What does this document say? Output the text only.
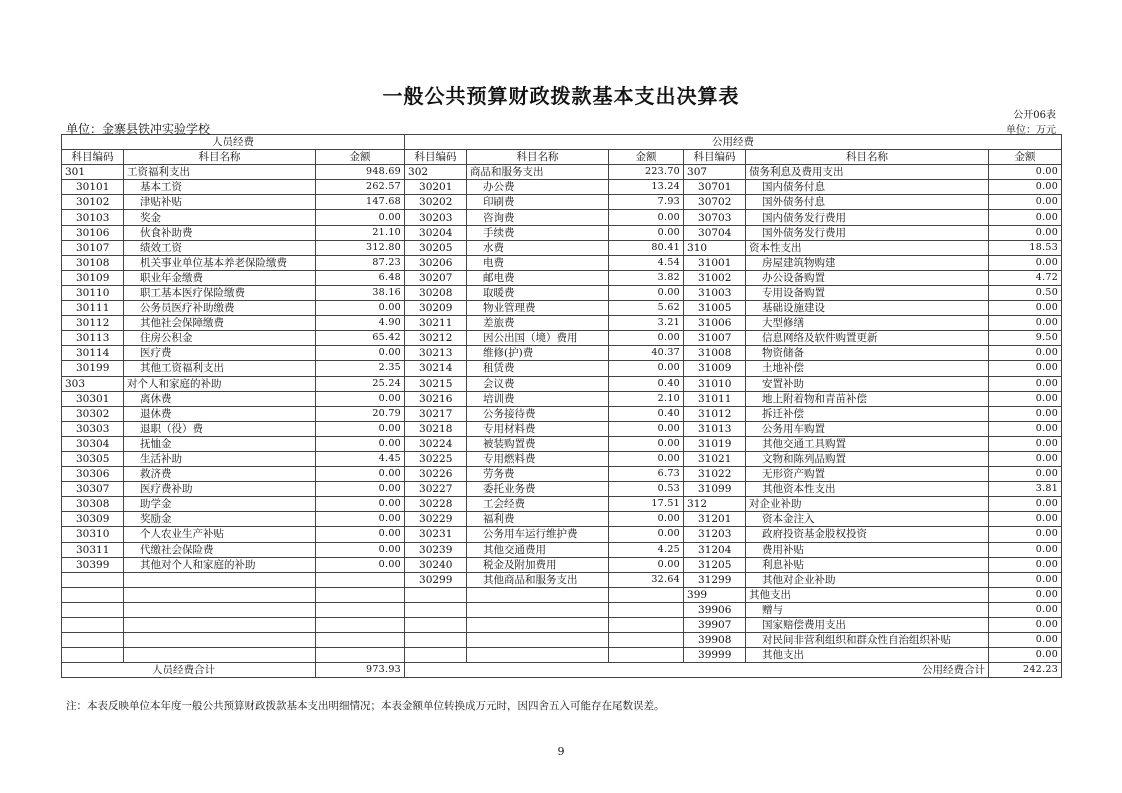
一般公共预算财政拨款基本支出决算表
公开06表
单位：金寨县铁冲实验学校	单位：万元
人员经费			公用经费					
科目编码	科目名称	金额	科目编码	科目名称	金额	科目编码	科目名称	金额
301	工资福利支出	948.69	302	商品和服务支出	223.70	307	债务利息及费用支出	0.00
30101	基本工资	262.57	30201	办公费	13.24	30701	国内债务付息	0.00
30102	津贴补贴	147.68	30202	印刷费	7.93	30702	国外债务付息	0.00
30103	奖金	0.00	30203	咨询费	0.00	30703	国内债务发行费用	0.00
30106	伙食补助费	21.10	30204	手续费	0.00	30704	国外债务发行费用	0.00
30107	绩效工资	312.80	30205	水费	80.41	310	资本性支出	18.53
30108	机关事业单位基本养老保险缴费	87.23	30206	电费	4.54	31001	房屋建筑物购建	0.00
30109	职业年金缴费	6.48	30207	邮电费	3.82	31002	办公设备购置	4.72
30110	职工基本医疗保险缴费	38.16	30208	取暖费	0.00	31003	专用设备购置	0.50
30111	公务员医疗补助缴费	0.00	30209	物业管理费	5.62	31005	基础设施建设	0.00
30112	其他社会保障缴费	4.90	30211	差旅费	3.21	31006	大型修缮	0.00
30113	住房公积金	65.42	30212	因公出国（境）费用	0.00	31007	信息网络及软件购置更新	9.50
30114	医疗费	0.00	30213	维修(护)费	40.37	31008	物资储备	0.00
30199	其他工资福利支出	2.35	30214	租赁费	0.00	31009	土地补偿	0.00
303	对个人和家庭的补助	25.24	30215	会议费	0.40	31010	安置补助	0.00
30301	离休费	0.00	30216	培训费	2.10	31011	地上附着物和青苗补偿	0.00
30302	退休费	20.79	30217	公务接待费	0.40	31012	拆迁补偿	0.00
30303	退职（役）费	0.00	30218	专用材料费	0.00	31013	公务用车购置	0.00
30304	抚恤金	0.00	30224	被装购置费	0.00	31019	其他交通工具购置	0.00
30305	生活补助	4.45	30225	专用燃料费	0.00	31021	文物和陈列品购置	0.00
30306	救济费	0.00	30226	劳务费	6.73	31022	无形资产购置	0.00
30307	医疗费补助	0.00	30227	委托业务费	0.53	31099	其他资本性支出	3.81
30308	助学金	0.00	30228	工会经费	17.51	312	对企业补助	0.00
30309	奖励金	0.00	30229	福利费	0.00	31201	资本金注入	0.00
30310	个人农业生产补贴	0.00	30231	公务用车运行维护费	0.00	31203	政府投资基金股权投资	0.00
30311	代缴社会保险费	0.00	30239	其他交通费用	4.25	31204	费用补贴	0.00
30399	其他对个人和家庭的补助	0.00	30240	税金及附加费用	0.00	31205	利息补贴	0.00
			30299	其他商品和服务支出	32.64	31299	其他对企业补助	0.00
						399	其他支出	0.00
						39906	赠与	0.00
						39907	国家赔偿费用支出	0.00
						39908	对民间非营利组织和群众性自治组织补贴	0.00
						39999	其他支出	0.00
人员经费合计		973.93	公用经费合计					242.23
注：本表反映单位本年度一般公共预算财政拨款基本支出明细情况；本表金额单位转换成万元时，因四舍五入可能存在尾数误差。
9
